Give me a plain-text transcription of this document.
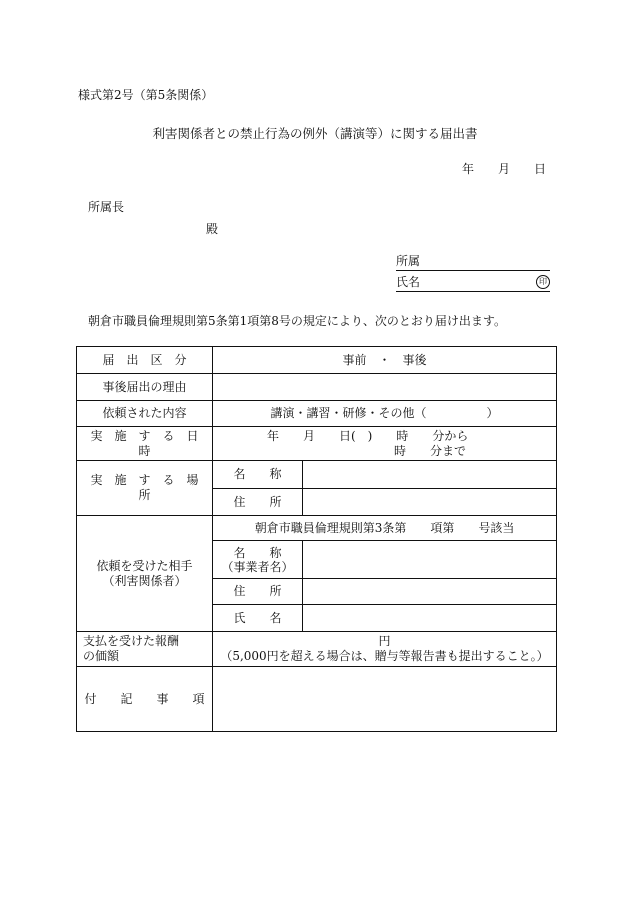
様式第2号（第5条関係）
利害関係者との禁止行為の例外（講演等）に関する届出書
年　　月　　日
所属長
殿
所属
氏名	印
朝倉市職員倫理規則第5条第1項第8号の規定により、次のとおり届け出ます。
届　出　区　分	事前　・　事後	
事後届出の理由		
依頼された内容	講演・講習・研修・その他（　　　　　）	
実　施　す　る　日　時	年　　月　　日(　)　　時　　分から
時　　分まで	

実　施　す　る　場　所	名　　称	
	住　　所	
依頼を受けた相手
（利害関係者）	朝倉市職員倫理規則第3条第　　項第　　号該当	
	名　　称
（事業者名）	
	住　　所	
	氏　　名	
支払を受けた報酬
の価額	円
（5,000円を超える場合は、贈与等報告書も提出すること。）	
付　　記　　事　　項		
